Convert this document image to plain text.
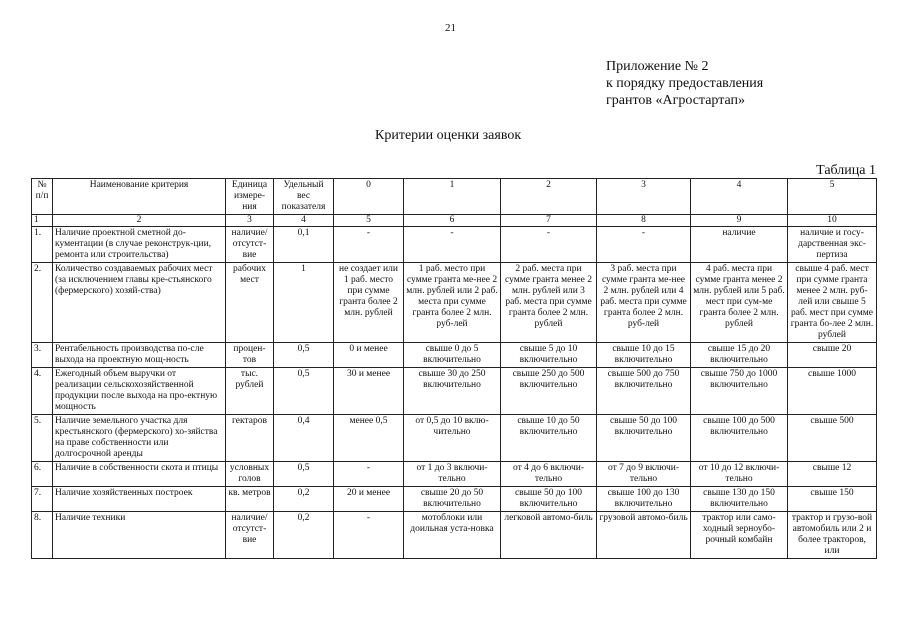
21
Приложение № 2
к порядку предоставления
грантов «Агростартап»
Критерии оценки заявок
Таблица 1
№ п/п	Наименование критерия	Единица измере-ния	Удельный вес показателя	0	1	2	3	4	5
1	2	3	4	5	6	7	8	9	10
1.	Наличие проектной сметной до-кументации (в случае реконструк-ции, ремонта или строительства)	наличие/ отсутст-вие	0,1	-	-	-	-	наличие	наличие и госу-дарственная экс-пертиза
2.	Количество создаваемых рабочих мест (за исключением главы кре-стьянского (фермерского) хозяй-ства)	рабочих мест	1	не создает или 1 раб. место при сумме гранта более 2 млн. рублей	1 раб. место при сумме гранта ме-нее 2 млн. рублей или 2 раб. места при сумме гранта более 2 млн. руб-лей	2 раб. места при сумме гранта менее 2 млн. рублей или 3 раб. места при сумме гранта более 2 млн. рублей	3 раб. места при сумме гранта ме-нее 2 млн. рублей или 4 раб. места при сумме гранта более 2 млн. руб-лей	4 раб. места при сумме гранта менее 2 млн. рублей или 5 раб. мест при сум-ме гранта более 2 млн. рублей	свыше 4 раб. мест при сумме гранта менее 2 млн. руб-лей или свыше 5 раб. мест при сумме гранта бо-лее 2 млн. рублей
3.	Рентабельность производства по-сле выхода на проектную мощ-ность	процен-тов	0,5	0 и менее	свыше 0 до 5 включительно	свыше 5 до 10 включительно	свыше 10 до 15 включительно	свыше 15 до 20 включительно	свыше 20
4.	Ежегодный объем выручки от реализации сельскохозяйственной продукции после выхода на про-ектную мощность	тыс. рублей	0,5	30 и менее	свыше 30 до 250 включительно	свыше 250 до 500 включительно	свыше 500 до 750 включительно	свыше 750 до 1000 включительно	свыше 1000
5.	Наличие земельного участка для крестьянского (фермерского) хо-зяйства на праве собственности или долгосрочной аренды	гектаров	0,4	менее 0,5	от 0,5 до 10 вклю-чительно	свыше 10 до 50 включительно	свыше 50 до 100 включительно	свыше 100 до 500 включительно	свыше 500
6.	Наличие в собственности скота и птицы	условных голов	0,5	-	от 1 до 3 включи-тельно	от 4 до 6 включи-тельно	от 7 до 9 включи-тельно	от 10 до 12 включи-тельно	свыше 12
7.	Наличие хозяйственных построек	кв. метров	0,2	20 и менее	свыше 20 до 50 включительно	свыше 50 до 100 включительно	свыше 100 до 130 включительно	свыше 130 до 150 включительно	свыше 150
8.	Наличие техники	наличие/ отсутст-вие	0,2	-	мотоблоки или доильная уста-новка	легковой автомо-биль	грузовой автомо-биль	трактор или само-ходный зерноубо-рочный комбайн	трактор и грузо-вой автомобиль или 2 и более тракторов, или
